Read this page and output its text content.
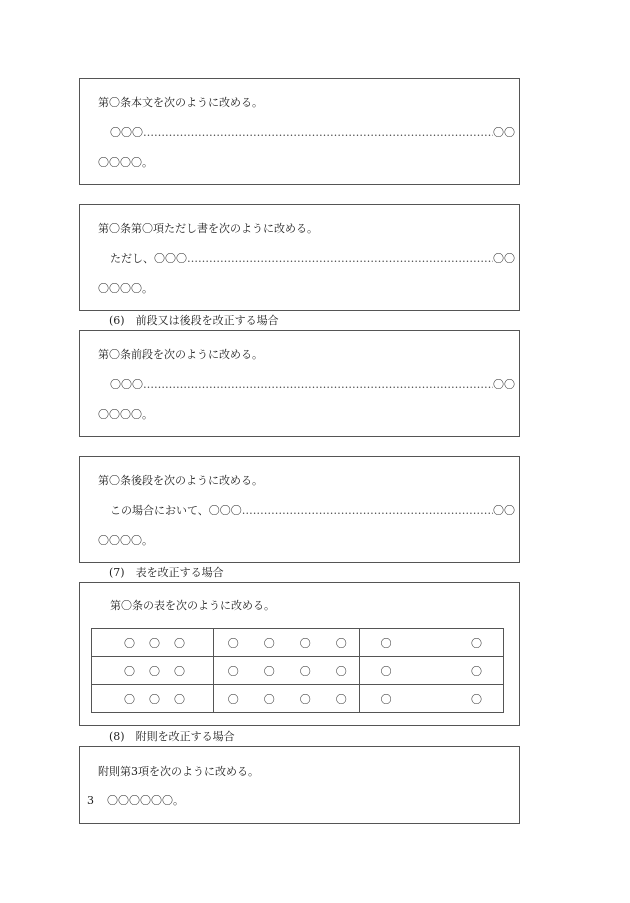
第〇条本文を次のように改める。
〇〇〇 ……………………………………………………………………………………………………………………………………	〇〇
〇〇〇〇。
第〇条第〇項ただし書を次のように改める。
ただし、〇〇〇 ……………………………………………………………………………………………………………………………………	〇〇
〇〇〇〇。
(6)　前段又は後段を改正する場合
第〇条前段を次のように改める。
〇〇〇 ……………………………………………………………………………………………………………………………………	〇〇
〇〇〇〇。
第〇条後段を次のように改める。
この場合において、〇〇〇 ……………………………………………………………………………………………………………………………………	〇〇
〇〇〇〇。
(7)　表を改正する場合
第〇条の表を次のように改める。
〇 〇 〇	〇 〇 〇 〇	〇 〇

〇 〇 〇	〇 〇 〇 〇	〇 〇

〇 〇 〇	〇 〇 〇 〇	〇 〇
(8)　附則を改正する場合
附則第3項を次のように改める。
3 〇〇〇〇〇〇。
